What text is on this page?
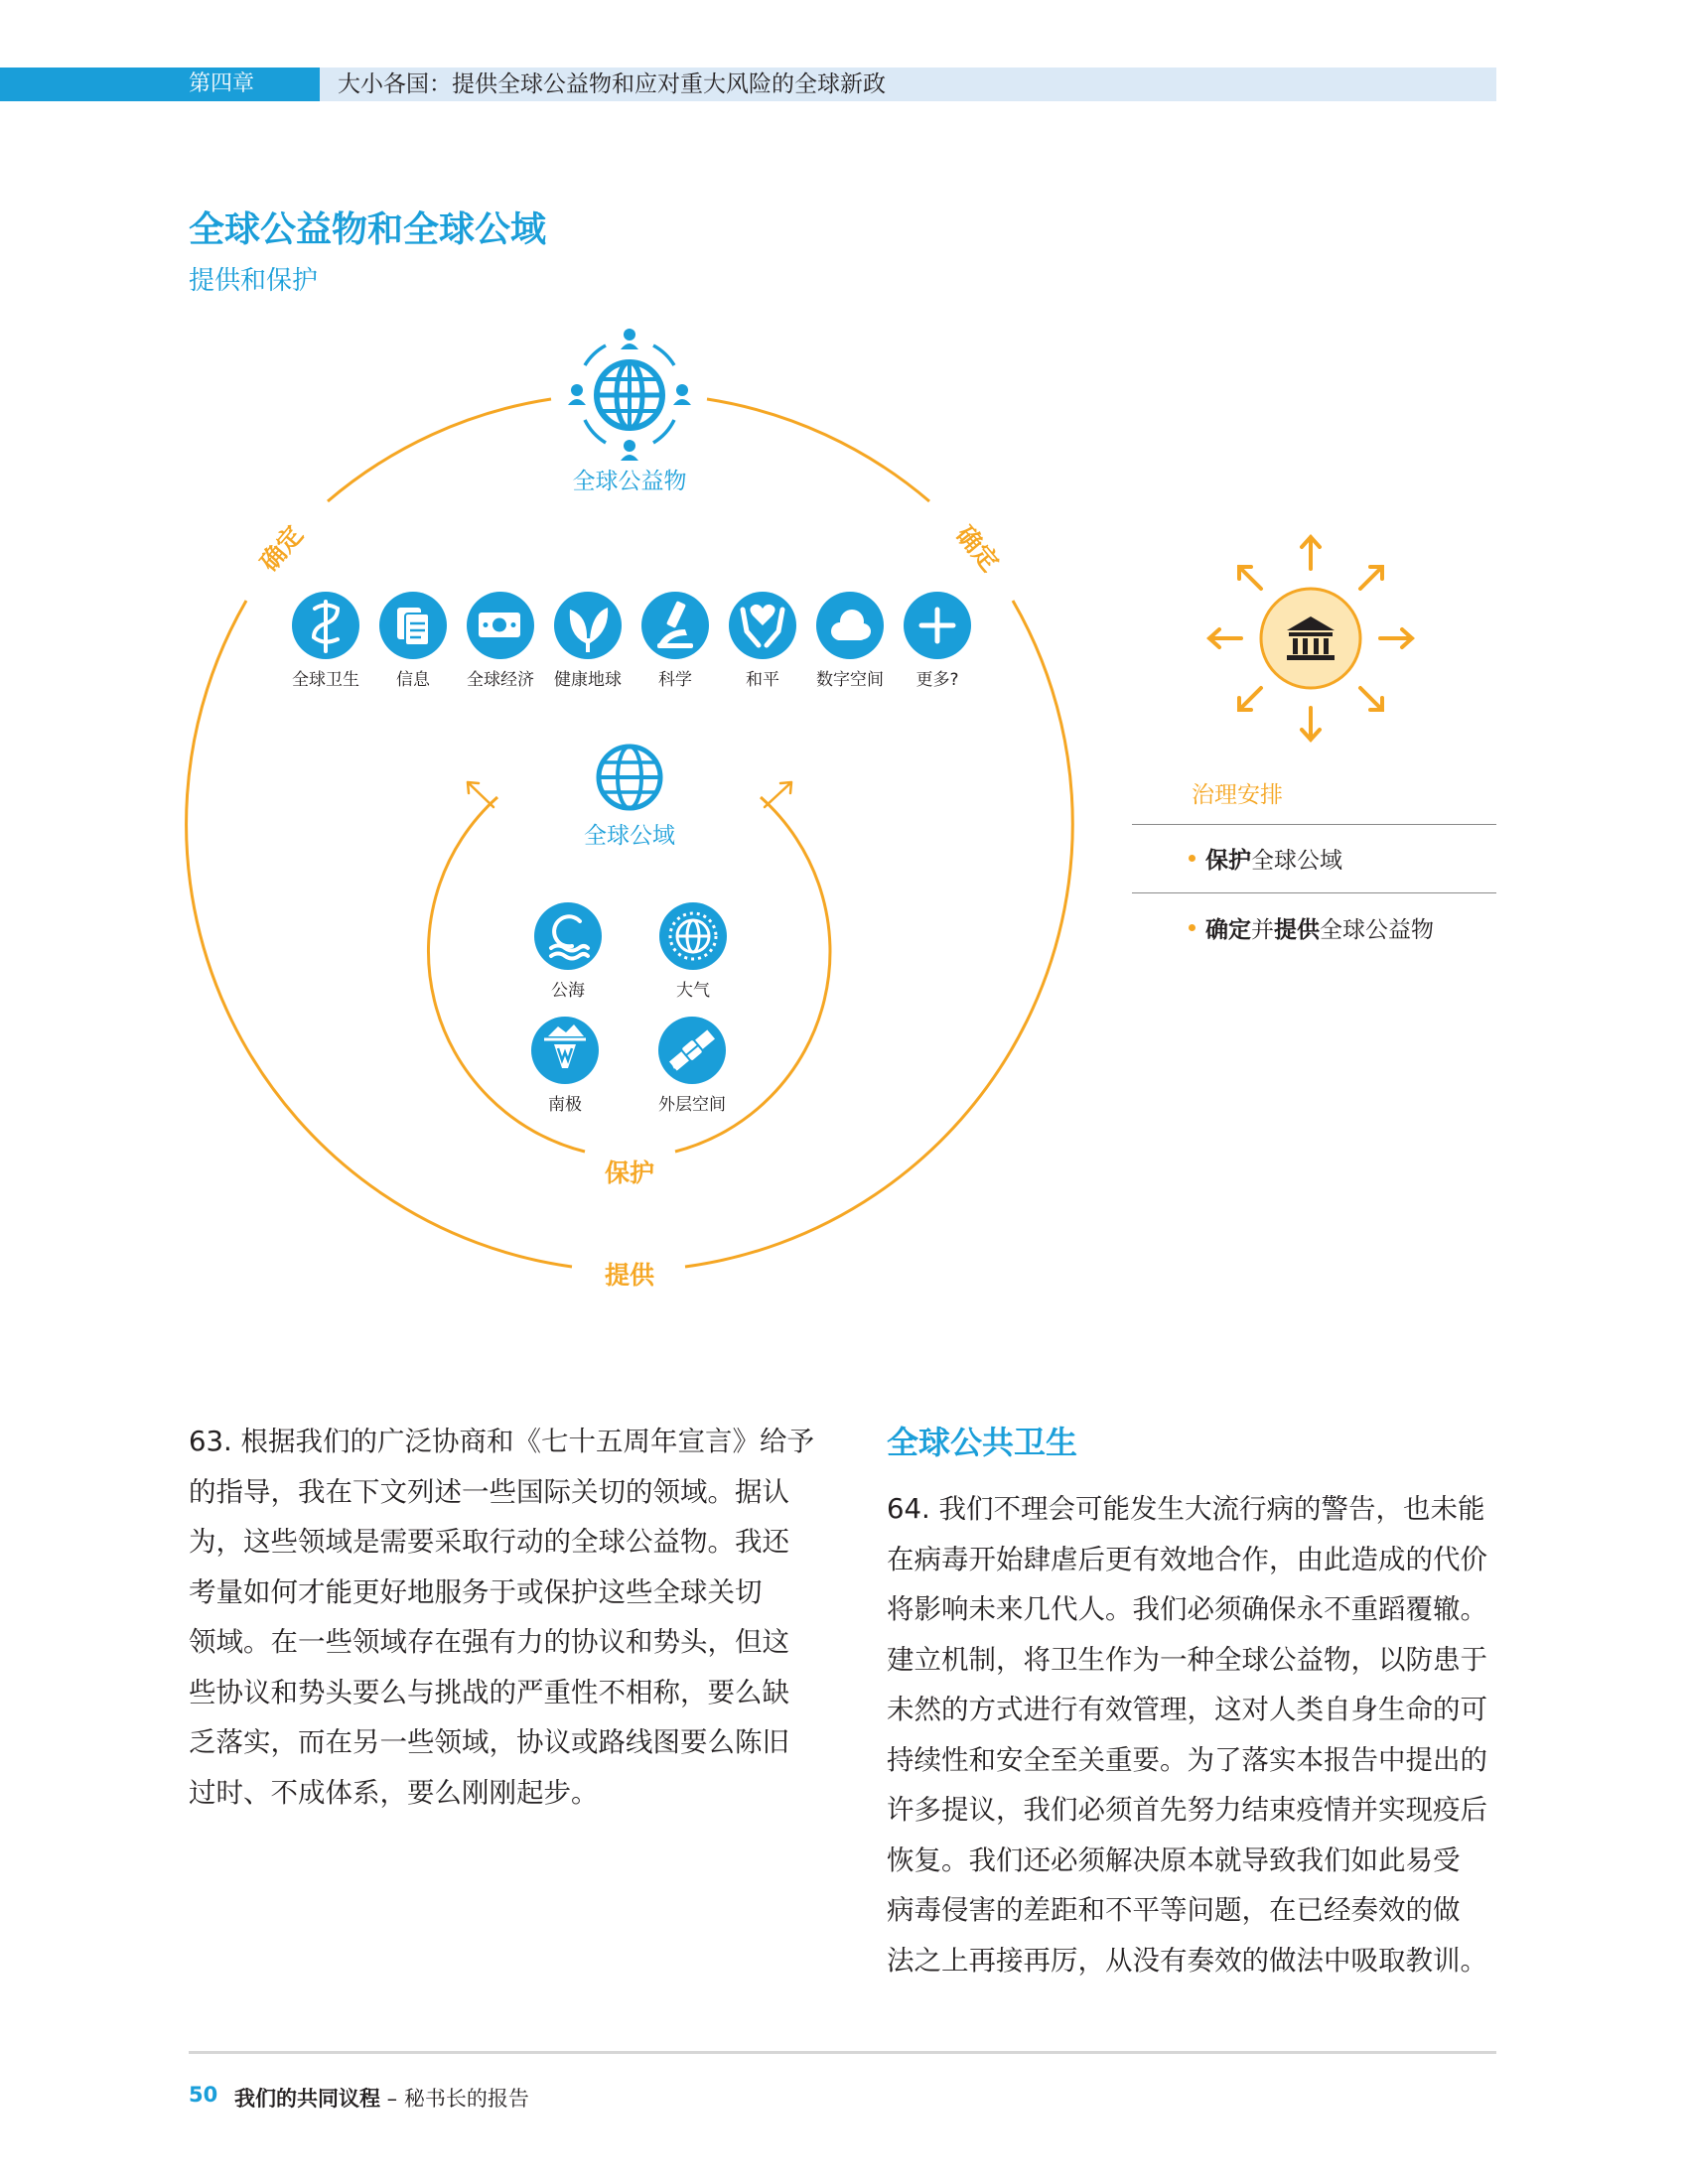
第四章	大小各国：提供全球公益物和应对重大风险的全球新政
全球公益物和全球公域
提供和保护
全球公益物
确定	确定
全球卫生 信息 全球经济 健康地球 科学	和平 数字空间 更多?
全球公域
公海	大气
南极	外层空间
保护
提供
治理安排
保护全球公域
确定并提供全球公益物
63. 根据我们的广泛协商和《七十五周年宣言》给予
的指导，我在下文列述一些国际关切的领域。据认
为，这些领域是需要采取行动的全球公益物。我还
考量如何才能更好地服务于或保护这些全球关切
领域。在一些领域存在强有力的协议和势头，但这
些协议和势头要么与挑战的严重性不相称，要么缺
乏落实，而在另一些领域，协议或路线图要么陈旧
过时、不成体系，要么刚刚起步。
全球公共卫生
64. 我们不理会可能发生大流行病的警告，也未能
在病毒开始肆虐后更有效地合作，由此造成的代价
将影响未来几代人。我们必须确保永不重蹈覆辙。
建立机制，将卫生作为一种全球公益物，以防患于
未然的方式进行有效管理，这对人类自身生命的可
持续性和安全至关重要。为了落实本报告中提出的
许多提议，我们必须首先努力结束疫情并实现疫后
恢复。我们还必须解决原本就导致我们如此易受
病毒侵害的差距和不平等问题，在已经奏效的做
法之上再接再厉，从没有奏效的做法中吸取教训。
50 我们的共同议程 – 秘书长的报告
